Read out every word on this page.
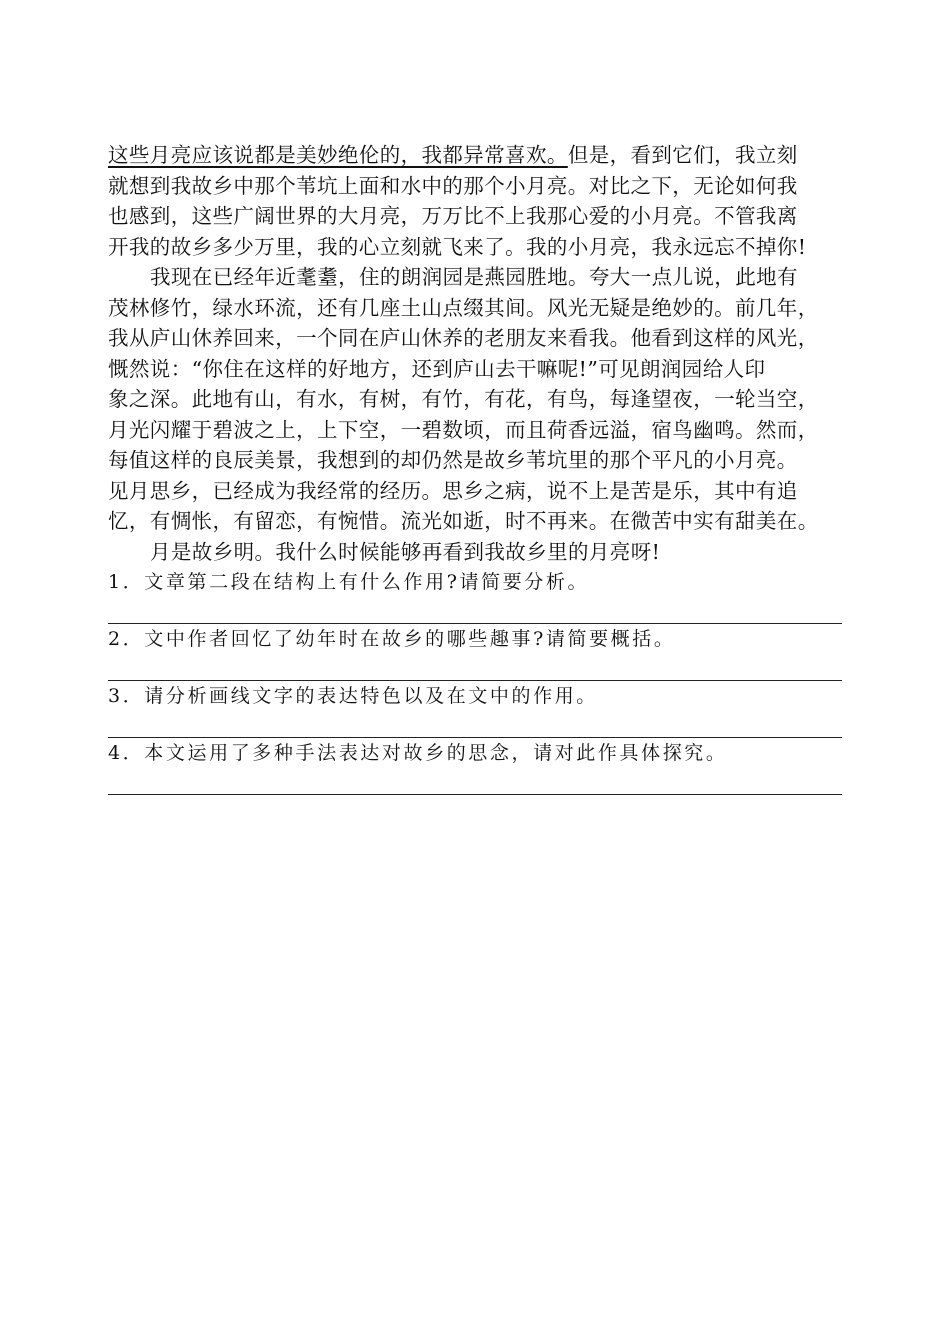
这些月亮应该说都是美妙绝伦的，我都异常喜欢。但是，看到它们，我立刻
就想到我故乡中那个苇坑上面和水中的那个小月亮。对比之下，无论如何我
也感到，这些广阔世界的大月亮，万万比不上我那心爱的小月亮。不管我离
开我的故乡多少万里，我的心立刻就飞来了。我的小月亮，我永远忘不掉你!
我现在已经年近耄耋，住的朗润园是燕园胜地。夸大一点儿说，此地有
茂林修竹，绿水环流，还有几座土山点缀其间。风光无疑是绝妙的。前几年，
我从庐山休养回来，一个同在庐山休养的老朋友来看我。他看到这样的风光，
慨然说：“你住在这样的好地方，还到庐山去干嘛呢!”可见朗润园给人印
象之深。此地有山，有水，有树，有竹，有花，有鸟，每逢望夜，一轮当空，
月光闪耀于碧波之上，上下空，一碧数顷，而且荷香远溢，宿鸟幽鸣。然而，
每值这样的良辰美景，我想到的却仍然是故乡苇坑里的那个平凡的小月亮。
见月思乡，已经成为我经常的经历。思乡之病，说不上是苦是乐，其中有追
忆，有惆怅，有留恋，有惋惜。流光如逝，时不再来。在微苦中实有甜美在。
月是故乡明。我什么时候能够再看到我故乡里的月亮呀!
1．文章第二段在结构上有什么作用?请简要分析。
2．文中作者回忆了幼年时在故乡的哪些趣事?请简要概括。
3．请分析画线文字的表达特色以及在文中的作用。
4．本文运用了多种手法表达对故乡的思念，请对此作具体探究。
